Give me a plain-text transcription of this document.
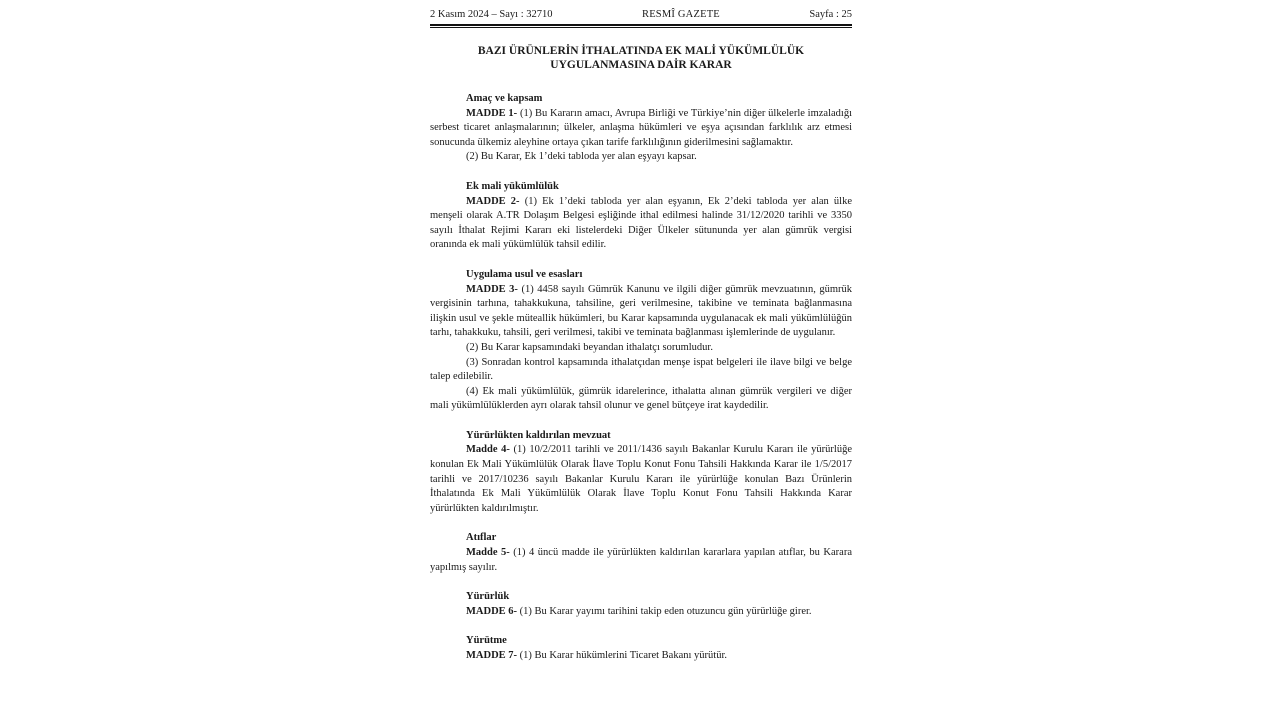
2 Kasım 2024 – Sayı : 32710	RESMÎ GAZETE	Sayfa : 25
BAZI ÜRÜNLERİN İTHALATINDA EK MALİ YÜKÜMLÜLÜK
UYGULANMASINA DAİR KARAR
Amaç ve kapsam

MADDE 1- (1) Bu Kararın amacı, Avrupa Birliği ve Türkiye’nin diğer ülkelerle imzaladığı serbest ticaret anlaşmalarının; ülkeler, anlaşma hükümleri ve eşya açısından farklılık arz etmesi sonucunda ülkemiz aleyhine ortaya çıkan tarife farklılığının giderilmesini sağlamaktır.

(2) Bu Karar, Ek 1’deki tabloda yer alan eşyayı kapsar.

Ek mali yükümlülük

MADDE 2- (1) Ek 1’deki tabloda yer alan eşyanın, Ek 2’deki tabloda yer alan ülke menşeli olarak A.TR Dolaşım Belgesi eşliğinde ithal edilmesi halinde 31/12/2020 tarihli ve 3350 sayılı İthalat Rejimi Kararı eki listelerdeki Diğer Ülkeler sütununda yer alan gümrük vergisi oranında ek mali yükümlülük tahsil edilir.

Uygulama usul ve esasları

MADDE 3- (1) 4458 sayılı Gümrük Kanunu ve ilgili diğer gümrük mevzuatının, gümrük vergisinin tarhına, tahakkukuna, tahsiline, geri verilmesine, takibine ve teminata bağlanmasına ilişkin usul ve şekle müteallik hükümleri, bu Karar kapsamında uygulanacak ek mali yükümlülüğün tarhı, tahakkuku, tahsili, geri verilmesi, takibi ve teminata bağlanması işlemlerinde de uygulanır.

(2) Bu Karar kapsamındaki beyandan ithalatçı sorumludur.

(3) Sonradan kontrol kapsamında ithalatçıdan menşe ispat belgeleri ile ilave bilgi ve belge talep edilebilir.

(4) Ek mali yükümlülük, gümrük idarelerince, ithalatta alınan gümrük vergileri ve diğer mali yükümlülüklerden ayrı olarak tahsil olunur ve genel bütçeye irat kaydedilir.

Yürürlükten kaldırılan mevzuat

Madde 4- (1) 10/2/2011 tarihli ve 2011/1436 sayılı Bakanlar Kurulu Kararı ile yürürlüğe konulan Ek Mali Yükümlülük Olarak İlave Toplu Konut Fonu Tahsili Hakkında Karar ile 1/5/2017 tarihli ve 2017/10236 sayılı Bakanlar Kurulu Kararı ile yürürlüğe konulan Bazı Ürünlerin İthalatında Ek Mali Yükümlülük Olarak İlave Toplu Konut Fonu Tahsili Hakkında Karar yürürlükten kaldırılmıştır.

Atıflar

Madde 5- (1) 4 üncü madde ile yürürlükten kaldırılan kararlara yapılan atıflar, bu Karara yapılmış sayılır.

Yürürlük

MADDE 6- (1) Bu Karar yayımı tarihini takip eden otuzuncu gün yürürlüğe girer.

Yürütme

MADDE 7- (1) Bu Karar hükümlerini Ticaret Bakanı yürütür.
